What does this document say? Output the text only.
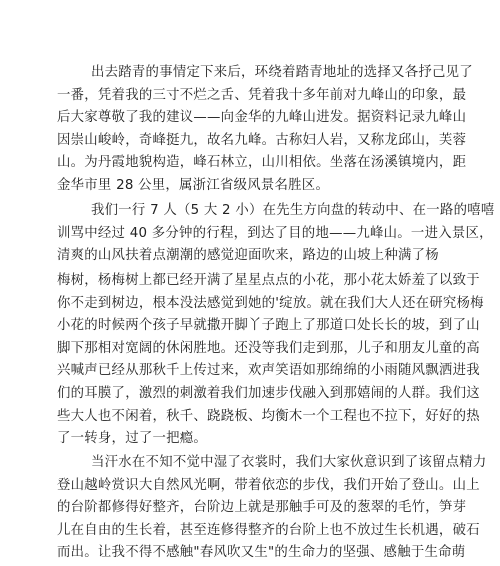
出去踏青的事情定下来后，环绕着踏青地址的选择又各抒己见了
一番，凭着我的三寸不烂之舌、凭着我十多年前对九峰山的印象，最
后大家尊敬了我的建议——向金华的九峰山进发。据资料记录九峰山
因崇山峻岭，奇峰挺九，故名九峰。古称妇人岩，又称龙邱山，芙蓉
山。为丹霞地貌构造，峰石林立，山川相依。坐落在汤溪镇境内，距
金华市里 28 公里，属浙江省级风景名胜区。
我们一行 7 人（5 大 2 小）在先生方向盘的转动中、在一路的嘻嘻
训骂中经过 40 多分钟的行程，到达了目的地——九峰山。一进入景区，
清爽的山风扶着点潮潮的感觉迎面吹来，路边的山坡上种满了杨
梅树，杨梅树上都已经开满了星星点点的小花，那小花太娇羞了以致于
你不走到树边，根本没法感觉到她的'绽放。就在我们大人还在研究杨梅
小花的时候两个孩子早就撒开脚丫子跑上了那道口处长长的坡，到了山
脚下那相对宽阔的休闲胜地。还没等我们走到那，儿子和朋友儿童的高
兴喊声已经从那秋千上传过来，欢声笑语如那绵绵的小雨随风飘洒进我
们的耳膜了，激烈的刺激着我们加速步伐融入到那嬉闹的人群。我们这
些大人也不闲着，秋千、跷跷板、均衡木一个工程也不拉下，好好的热
了一转身，过了一把瘾。
当汗水在不知不觉中湿了衣裳时，我们大家伙意识到了该留点精力
登山越岭赏识大自然风光啊，带着依恋的步伐，我们开始了登山。山上
的台阶都修得好整齐，台阶边上就是那触手可及的葱翠的毛竹，笋芽
儿在自由的生长着，甚至连修得整齐的台阶上也不放过生长机遇，破石
而出。让我不得不感触"春风吹又生"的生命力的坚强、感触于生命萌
